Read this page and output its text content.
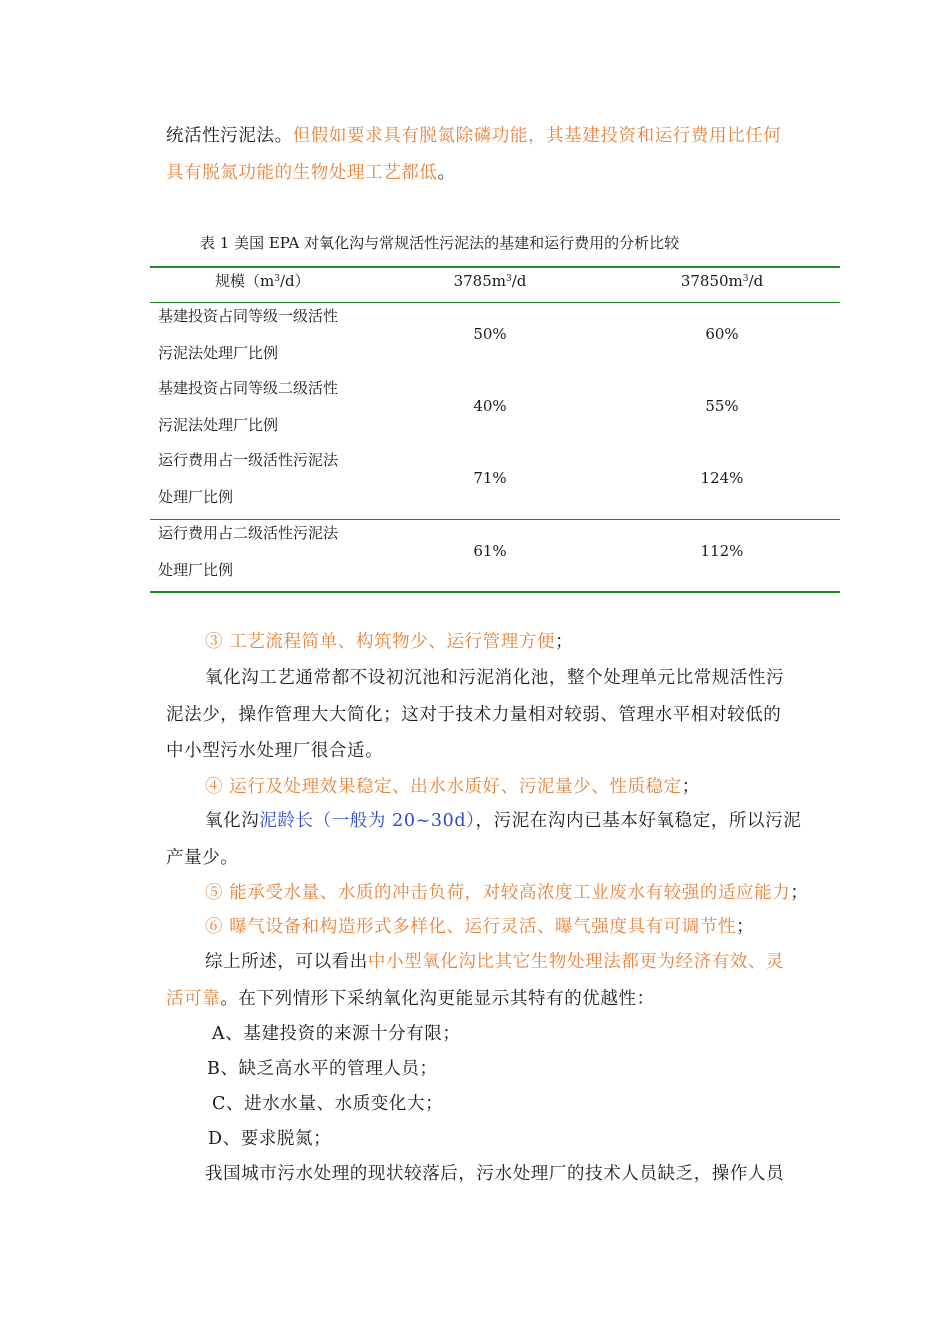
统活性污泥法。但假如要求具有脱氮除磷功能，其基建投资和运行费用比任何

具有脱氮功能的生物处理工艺都低。

表 1 美国 EPA 对氧化沟与常规活性污泥法的基建和运行费用的分析比较
规模$(m^3/d)$	$3785m^3/d$	$37850m^3/d$
基建投资占同等级一级活性
污泥法处理厂比例
50%	60%
基建投资占同等级二级活性
污泥法处理厂比例
40%	55%
运行费用占一级活性污泥法
处理厂比例
71%	124%
运行费用占二级活性污泥法
处理厂比例
61%	112%

③ 工艺流程简单、构筑物少、运行管理方便；

氧化沟工艺通常都不设初沉池和污泥消化池，整个处理单元比常规活性污

泥法少，操作管理大大简化；这对于技术力量相对较弱、管理水平相对较低的

中小型污水处理厂很合适。

④ 运行及处理效果稳定、出水水质好、污泥量少、性质稳定；

氧化沟泥龄长（一般为 20~30d），污泥在沟内已基本好氧稳定，所以污泥

产量少。

⑤ 能承受水量、水质的冲击负荷，对较高浓度工业废水有较强的适应能力；

⑥ 曝气设备和构造形式多样化、运行灵活、曝气强度具有可调节性；

综上所述，可以看出中小型氧化沟比其它生物处理法都更为经济有效、灵

活可靠。在下列情形下采纳氧化沟更能显示其特有的优越性：

A、基建投资的来源十分有限；

B、缺乏高水平的管理人员；

C、进水水量、水质变化大；

D、要求脱氮；

我国城市污水处理的现状较落后，污水处理厂的技术人员缺乏，操作人员
